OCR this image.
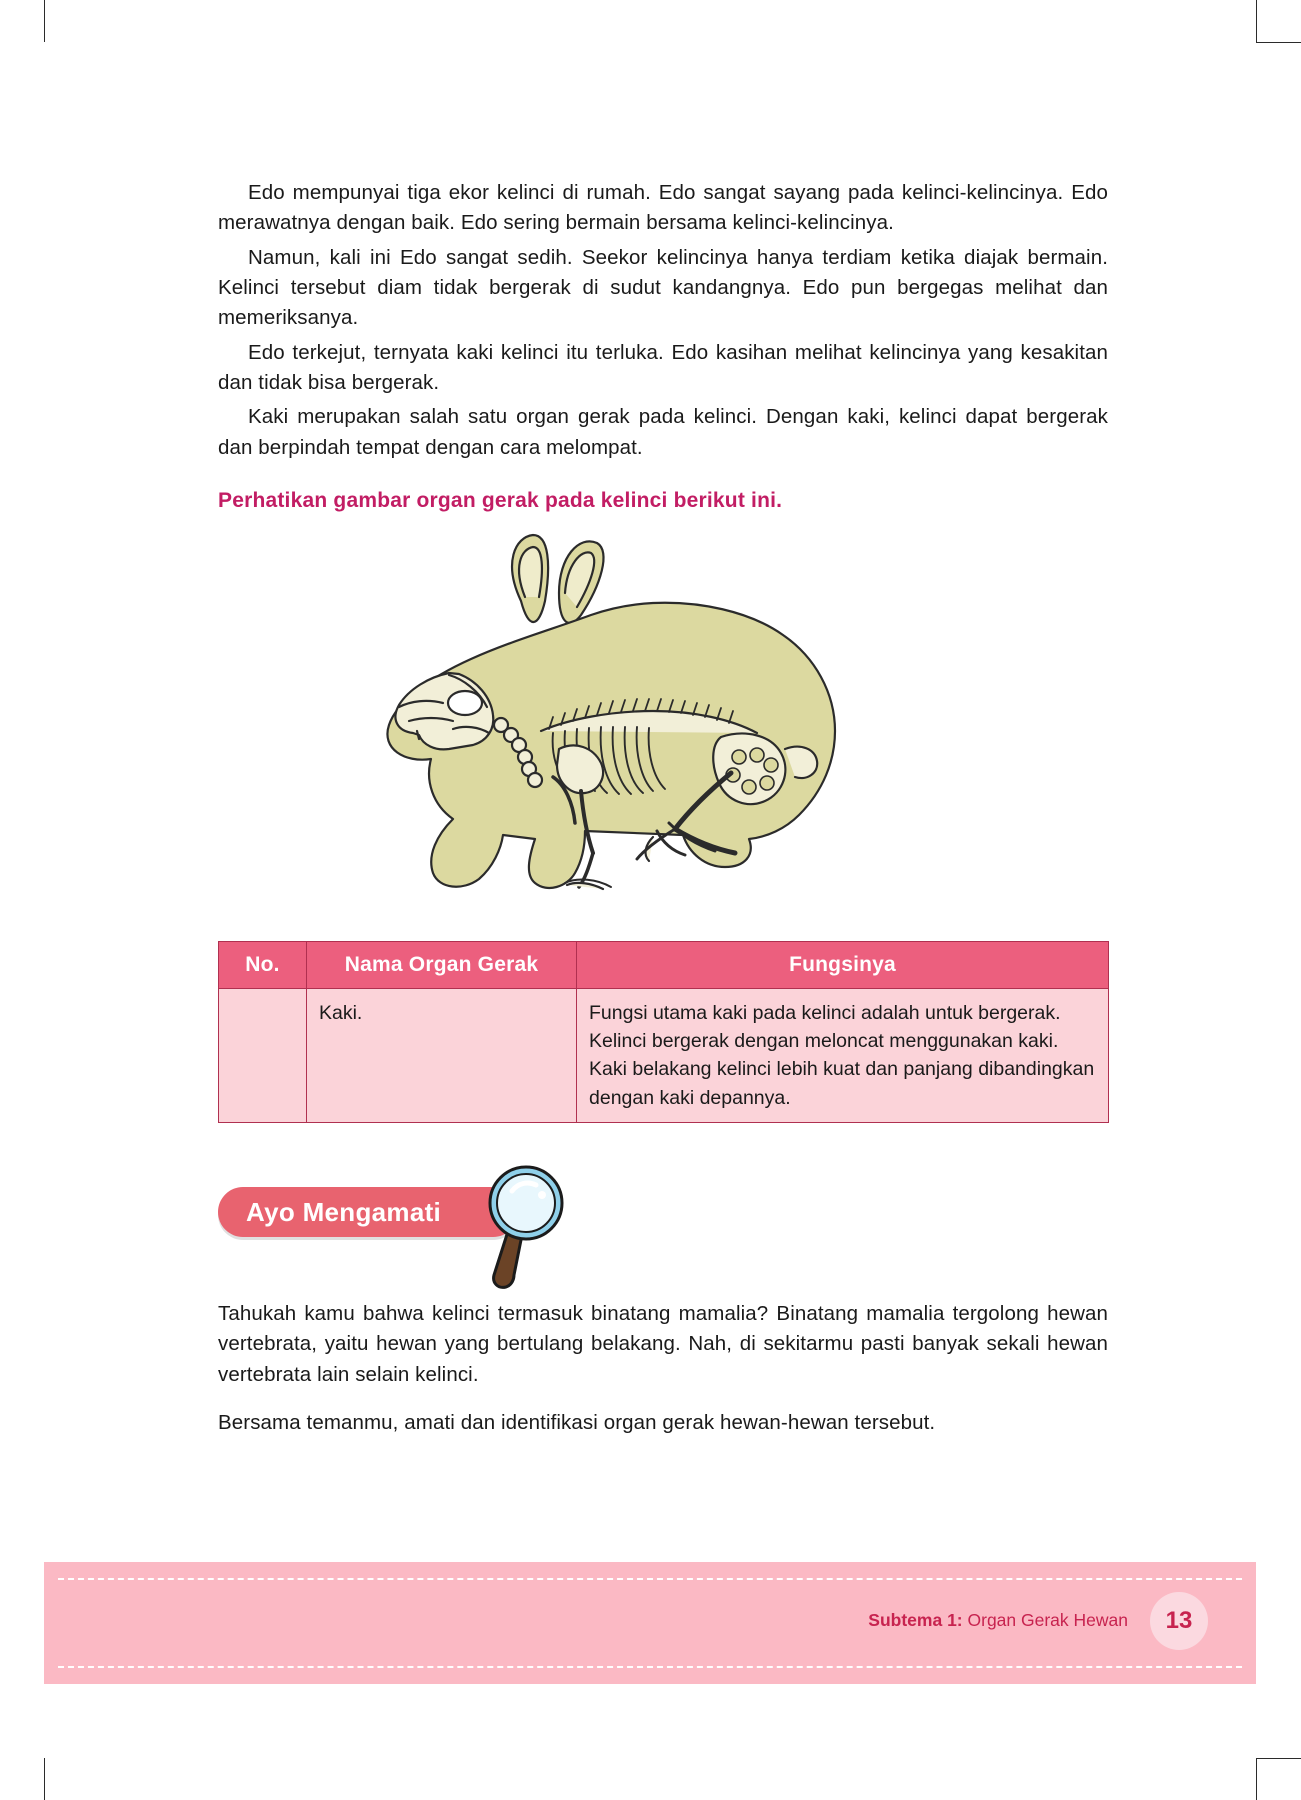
Edo mempunyai tiga ekor kelinci di rumah. Edo sangat sayang pada kelinci-kelincinya. Edo merawatnya dengan baik. Edo sering bermain bersama kelinci-kelincinya.

Namun, kali ini Edo sangat sedih. Seekor kelincinya hanya terdiam ketika diajak bermain. Kelinci tersebut diam tidak bergerak di sudut kandangnya. Edo pun bergegas melihat dan memeriksanya.

Edo terkejut, ternyata kaki kelinci itu terluka. Edo kasihan melihat kelincinya yang kesakitan dan tidak bisa bergerak.

Kaki merupakan salah satu organ gerak pada kelinci. Dengan kaki, kelinci dapat bergerak dan berpindah tempat dengan cara melompat.

Perhatikan gambar organ gerak pada kelinci berikut ini.
No.	Nama Organ Gerak	Fungsinya
	Kaki.	Fungsi utama kaki pada kelinci adalah untuk bergerak. Kelinci bergerak dengan meloncat menggunakan kaki. Kaki belakang kelinci lebih kuat dan panjang dibandingkan dengan kaki depannya.
Ayo Mengamati

Tahukah kamu bahwa kelinci termasuk binatang mamalia? Binatang mamalia tergolong hewan vertebrata, yaitu hewan yang bertulang belakang. Nah, di sekitarmu pasti banyak sekali hewan vertebrata lain selain kelinci.

Bersama temanmu, amati dan identifikasi organ gerak hewan-hewan tersebut.

Subtema 1: Organ Gerak Hewan	13
